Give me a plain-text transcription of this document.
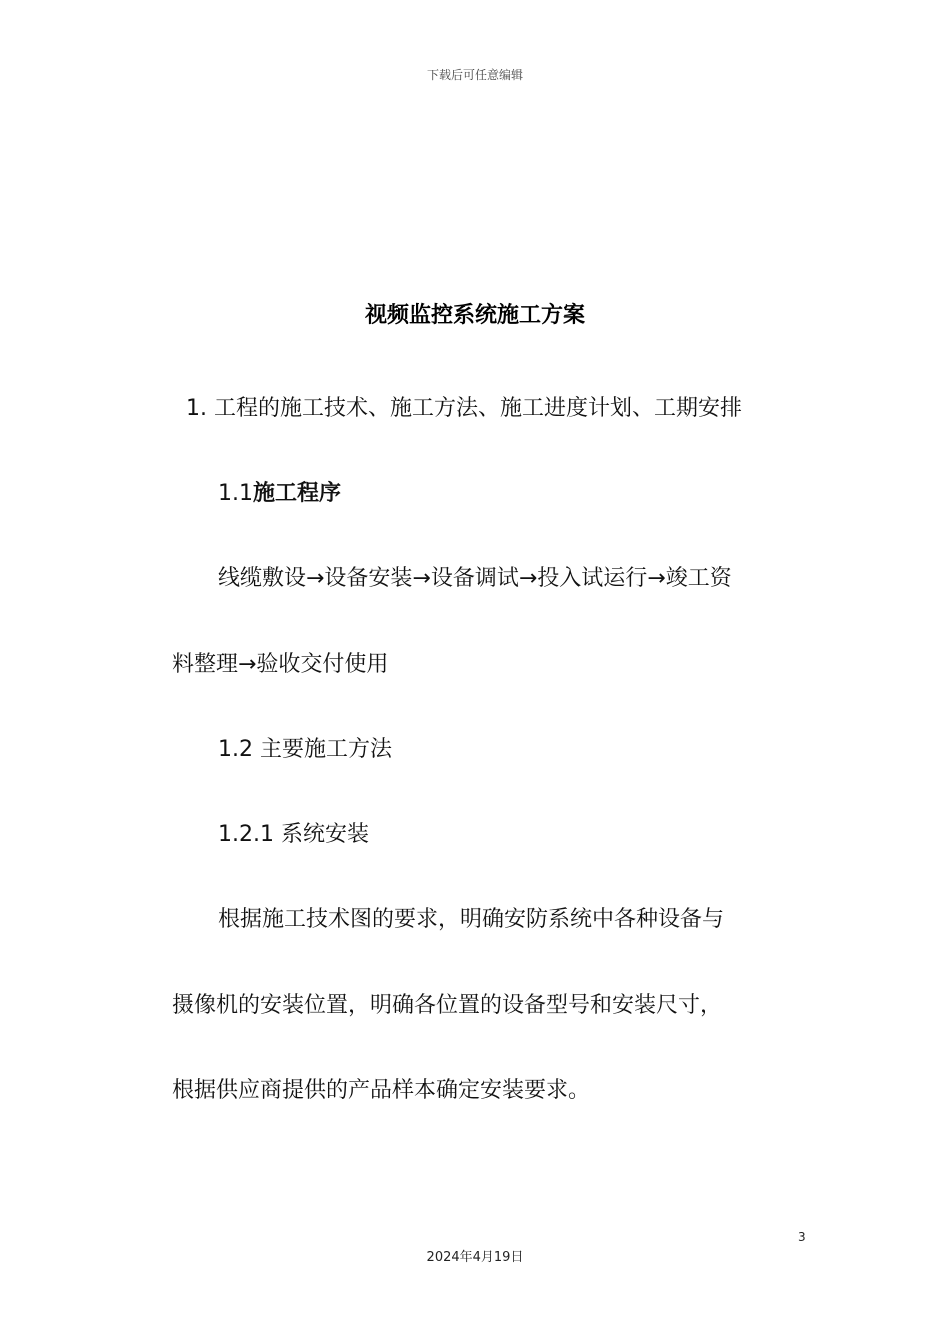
下载后可任意编辑
视频监控系统施工方案
1. 工程的施工技术、施工方法、施工进度计划、工期安排
1.1施工程序
线缆敷设→设备安装→设备调试→投入试运行→竣工资
料整理→验收交付使用
1.2 主要施工方法
1.2.1 系统安装
根据施工技术图的要求，明确安防系统中各种设备与
摄像机的安装位置，明确各位置的设备型号和安装尺寸，
根据供应商提供的产品样本确定安装要求。
3
2024年4月19日
